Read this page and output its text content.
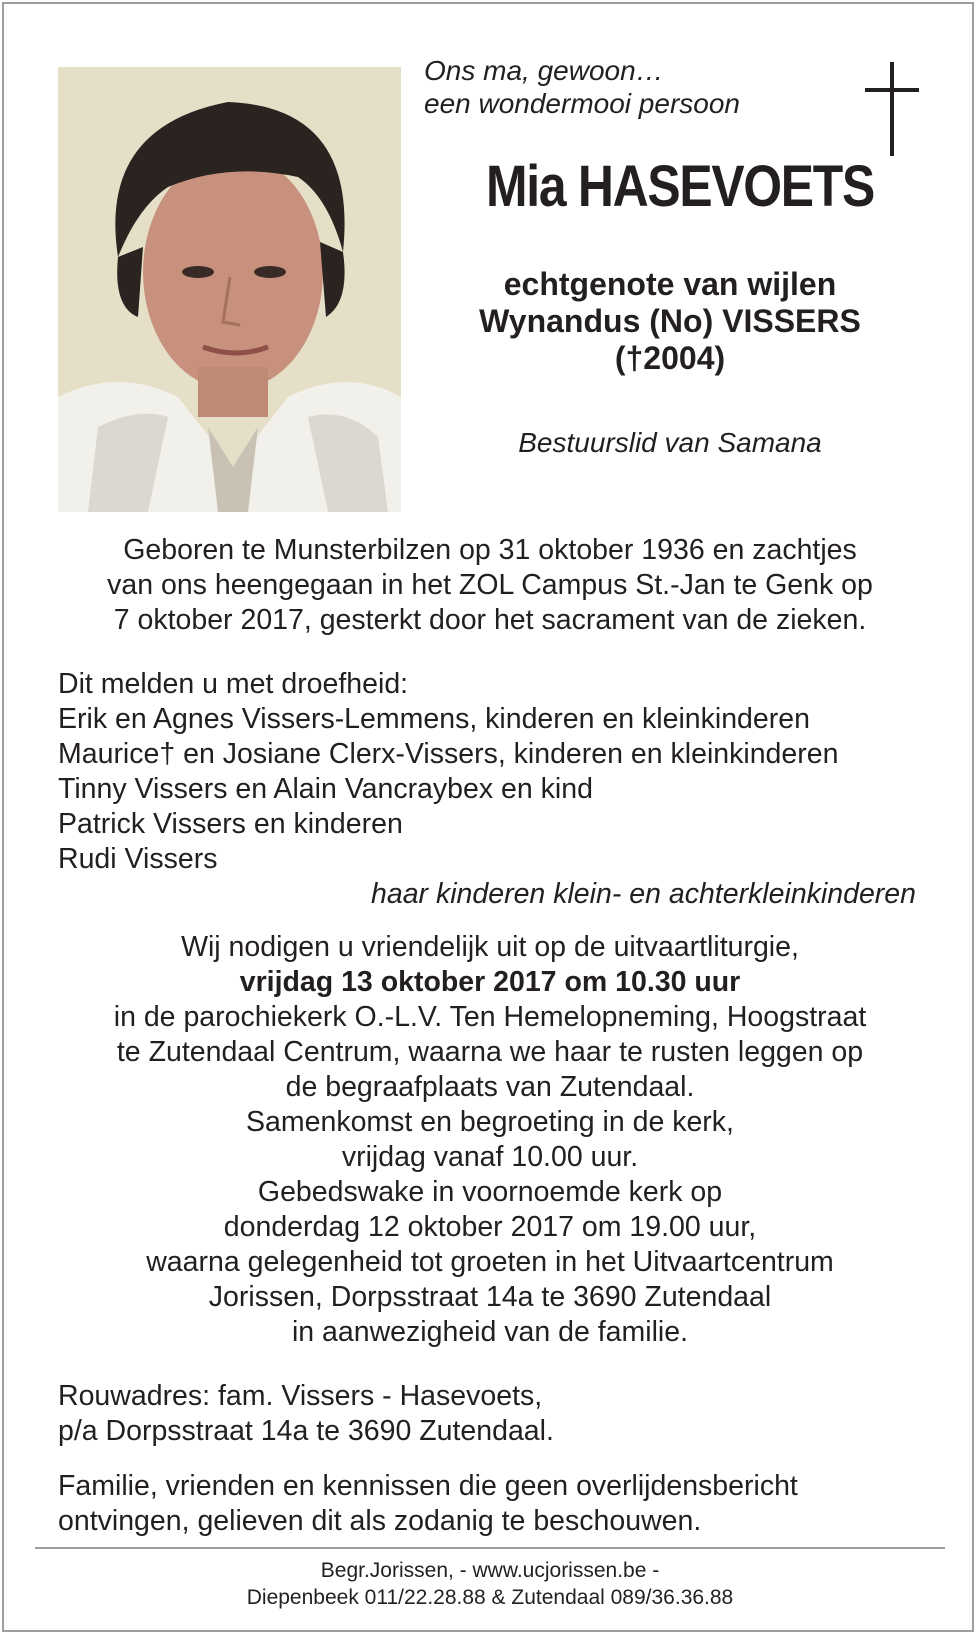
Ons ma, gewoon…
een wondermooi persoon
Mia HASEVOETS
echtgenote van wijlen
Wynandus (No) VISSERS
(†2004)
Bestuurslid van Samana
Geboren te Munsterbilzen op 31 oktober 1936 en zachtjes
van ons heengegaan in het ZOL Campus St.-Jan te Genk op
7 oktober 2017, gesterkt door het sacrament van de zieken.
Dit melden u met droefheid:
Erik en Agnes Vissers-Lemmens, kinderen en kleinkinderen
Maurice† en Josiane Clerx-Vissers, kinderen en kleinkinderen
Tinny Vissers en Alain Vancraybex en kind
Patrick Vissers en kinderen
Rudi Vissers
haar kinderen klein- en achterkleinkinderen
Wij nodigen u vriendelijk uit op de uitvaartliturgie,
vrijdag 13 oktober 2017 om 10.30 uur
in de parochiekerk O.-L.V. Ten Hemelopneming, Hoogstraat
te Zutendaal Centrum, waarna we haar te rusten leggen op
de begraafplaats van Zutendaal.
Samenkomst en begroeting in de kerk,
vrijdag vanaf 10.00 uur.
Gebedswake in voornoemde kerk op
donderdag 12 oktober 2017 om 19.00 uur,
waarna gelegenheid tot groeten in het Uitvaartcentrum
Jorissen, Dorpsstraat 14a te 3690 Zutendaal
in aanwezigheid van de familie.
Rouwadres: fam. Vissers - Hasevoets,
p/a Dorpsstraat 14a te 3690 Zutendaal.
Familie, vrienden en kennissen die geen overlijdensbericht
ontvingen, gelieven dit als zodanig te beschouwen.
Begr.Jorissen, - www.ucjorissen.be -
Diepenbeek 011/22.28.88 & Zutendaal 089/36.36.88
